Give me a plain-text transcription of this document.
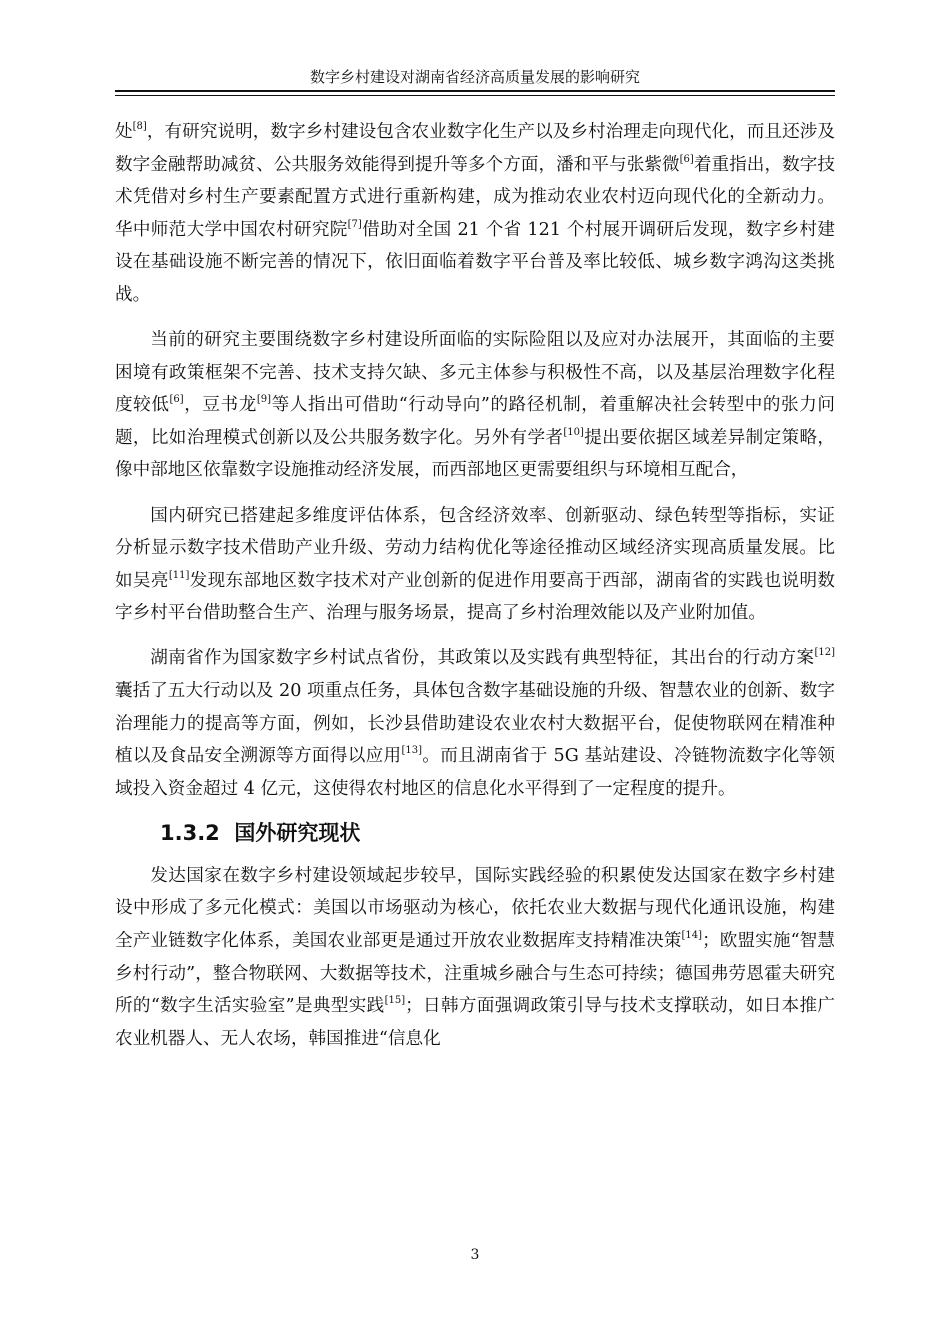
数字乡村建设对湖南省经济高质量发展的影响研究

处[8]，有研究说明，数字乡村建设包含农业数字化生产以及乡村治理走向现代化，而且还涉及数字金融帮助减贫、公共服务效能得到提升等多个方面，潘和平与张紫微[6]着重指出，数字技术凭借对乡村生产要素配置方式进行重新构建，成为推动农业农村迈向现代化的全新动力。华中师范大学中国农村研究院[7]借助对全国 21 个省 121 个村展开调研后发现，数字乡村建设在基础设施不断完善的情况下，依旧面临着数字平台普及率比较低、城乡数字鸿沟这类挑战。

当前的研究主要围绕数字乡村建设所面临的实际险阻以及应对办法展开，其面临的主要困境有政策框架不完善、技术支持欠缺、多元主体参与积极性不高，以及基层治理数字化程度较低[6]，豆书龙[9]等人指出可借助“行动导向”的路径机制，着重解决社会转型中的张力问题，比如治理模式创新以及公共服务数字化。另外有学者[10]提出要依据区域差异制定策略，像中部地区依靠数字设施推动经济发展，而西部地区更需要组织与环境相互配合，

国内研究已搭建起多维度评估体系，包含经济效率、创新驱动、绿色转型等指标，实证分析显示数字技术借助产业升级、劳动力结构优化等途径推动区域经济实现高质量发展。比如吴亮[11]发现东部地区数字技术对产业创新的促进作用要高于西部，湖南省的实践也说明数字乡村平台借助整合生产、治理与服务场景，提高了乡村治理效能以及产业附加值。

湖南省作为国家数字乡村试点省份，其政策以及实践有典型特征，其出台的行动方案[12]囊括了五大行动以及 20 项重点任务，具体包含数字基础设施的升级、智慧农业的创新、数字治理能力的提高等方面，例如，长沙县借助建设农业农村大数据平台，促使物联网在精准种植以及食品安全溯源等方面得以应用[13]。而且湖南省于 5G 基站建设、冷链物流数字化等领域投入资金超过 4 亿元，这使得农村地区的信息化水平得到了一定程度的提升。

1.3.2 国外研究现状

发达国家在数字乡村建设领域起步较早，国际实践经验的积累使发达国家在数字乡村建设中形成了多元化模式：美国以市场驱动为核心，依托农业大数据与现代化通讯设施，构建全产业链数字化体系，美国农业部更是通过开放农业数据库支持精准决策[14]；欧盟实施“智慧乡村行动”，整合物联网、大数据等技术，注重城乡融合与生态可持续；德国弗劳恩霍夫研究所的“数字生活实验室”是典型实践[15]；日韩方面强调政策引导与技术支撑联动，如日本推广农业机器人、无人农场，韩国推进“信息化

3
